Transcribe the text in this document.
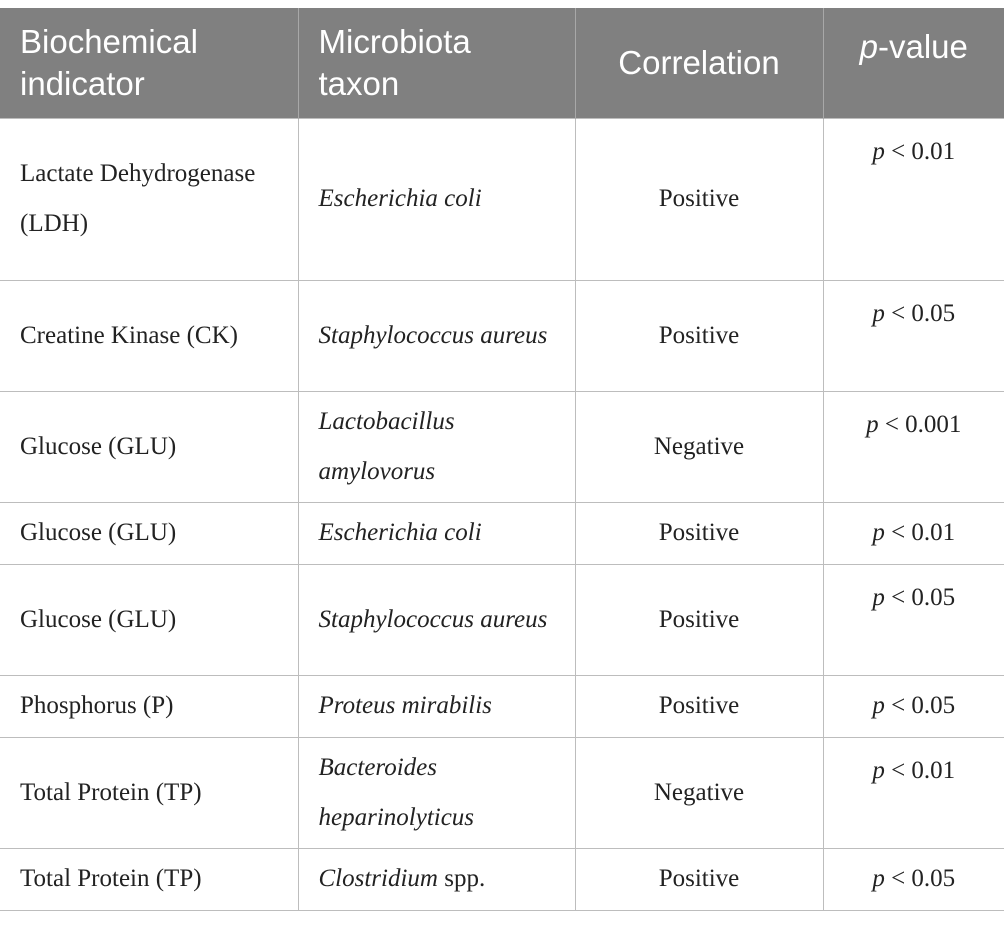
Biochemical indicator	Microbiota taxon	Correlation	p-value
Lactate Dehydrogenase (LDH)	Escherichia coli	Positive	p < 0.01
Creatine Kinase (CK)	Staphylococcus aureus	Positive	p < 0.05
Glucose (GLU)	Lactobacillus amylovorus	Negative	p < 0.001
Glucose (GLU)	Escherichia coli	Positive	p < 0.01
Glucose (GLU)	Staphylococcus aureus	Positive	p < 0.05
Phosphorus (P)	Proteus mirabilis	Positive	p < 0.05
Total Protein (TP)	Bacteroides heparinolyticus	Negative	p < 0.01
Total Protein (TP)	Clostridium spp.	Positive	p < 0.05
